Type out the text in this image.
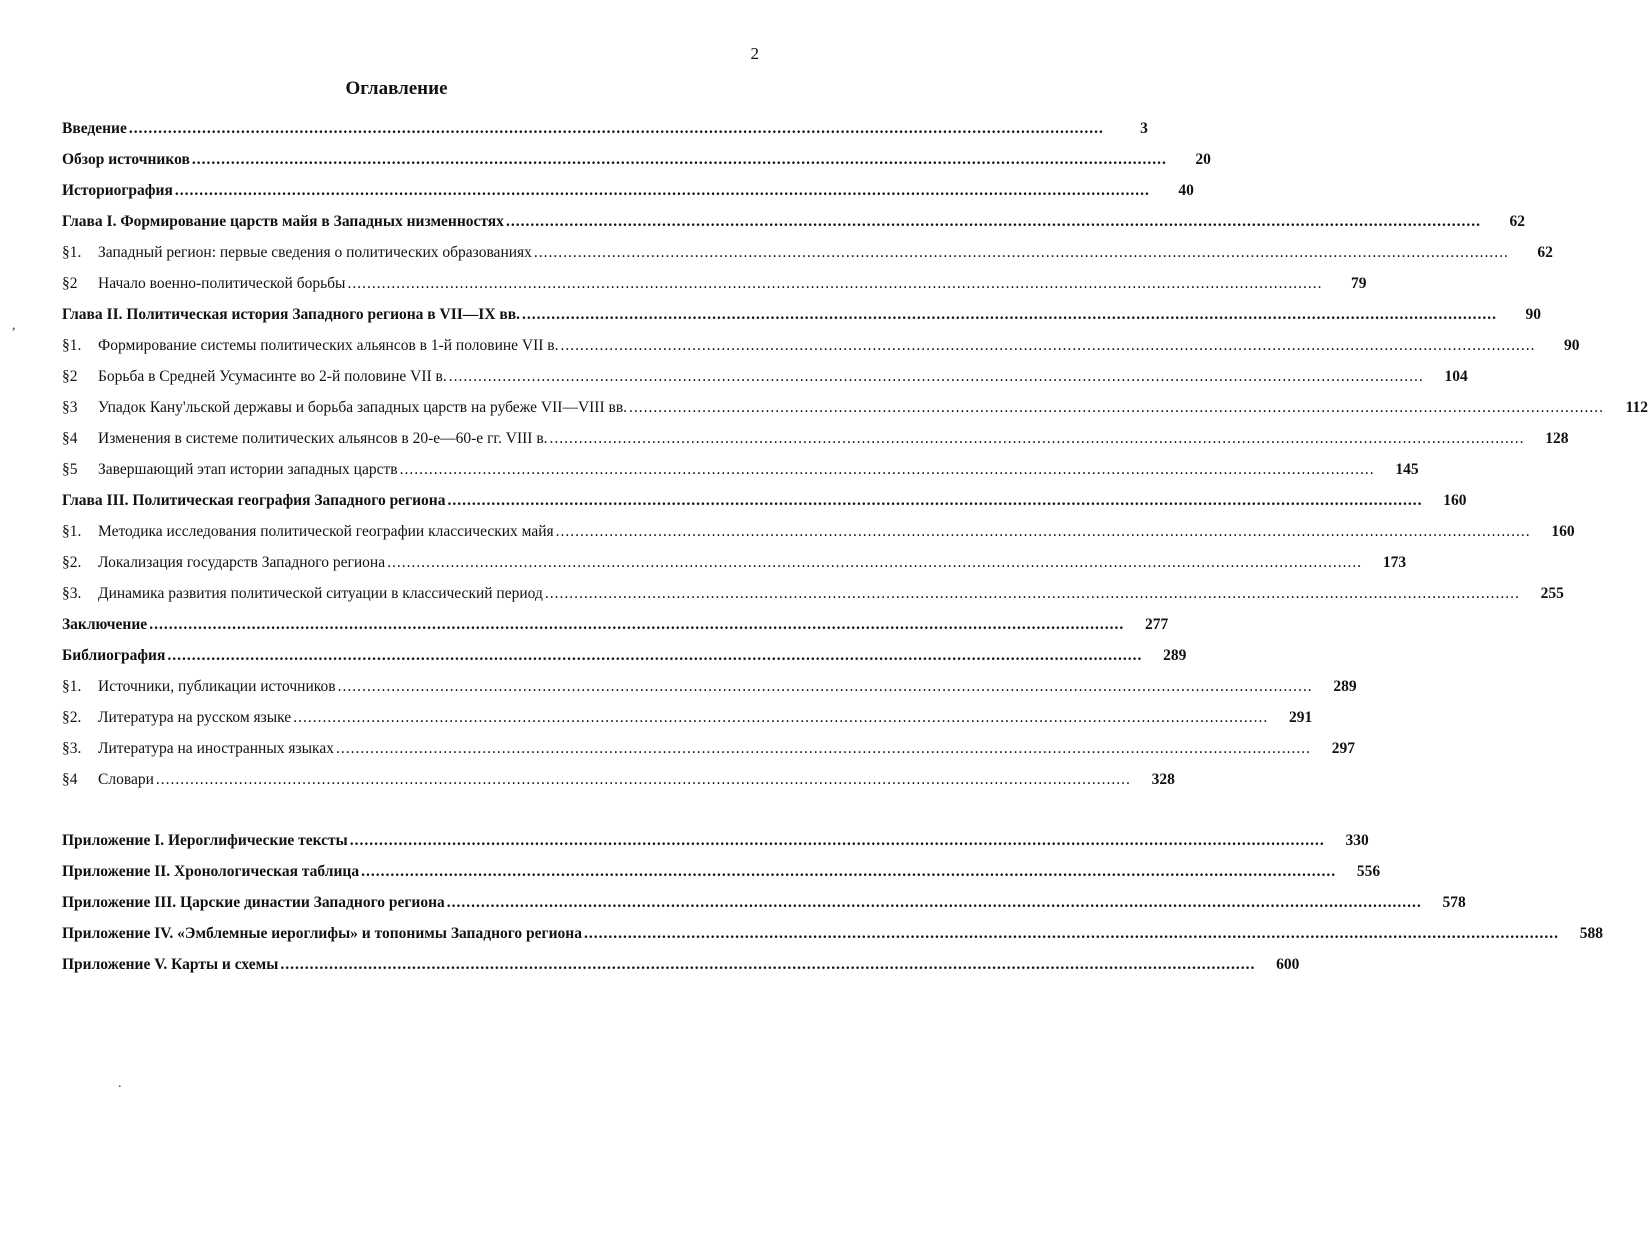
2
Оглавление
Введение .....	3
Обзор источников .....	20
Историография .....	40
Глава I. Формирование царств майя в Западных низменностях .....	62
§1.	Западный регион: первые сведения о политических образованиях .....	62
§2	Начало военно-политической борьбы .....	79
Глава II. Политическая история Западного региона в VII—IX вв. .....	90
§1.	Формирование системы политических альянсов в 1-й половине VII в. .....	90
§2	Борьба в Средней Усумасинте во 2-й половине VII в. .....	104
§3	Упадок Кану'льской державы и борьба западных царств на рубеже VII—VIII вв. .....	112
§4	Изменения в системе политических альянсов в 20-е—60-е гг. VIII в. .....	128
§5	Завершающий этап истории западных царств .....	145
Глава III. Политическая география Западного региона .....	160
§1.	Методика исследования политической географии классических майя .....	160
§2.	Локализация государств Западного региона .....	173
§3.	Динамика развития политической ситуации в классический период .....	255
Заключение .....	277
Библиография .....	289
§1.	Источники, публикации источников .....	289
§2.	Литература на русском языке .....	291
§3.	Литература на иностранных языках .....	297
§4	Словари .....	328
Приложение I. Иероглифические тексты .....	330
Приложение II. Хронологическая таблица .....	556
Приложение III. Царские династии Западного региона .....	578
Приложение IV. «Эмблемные иероглифы» и топонимы Западного региона .....	588
Приложение V. Карты и схемы .....	600
,
.
